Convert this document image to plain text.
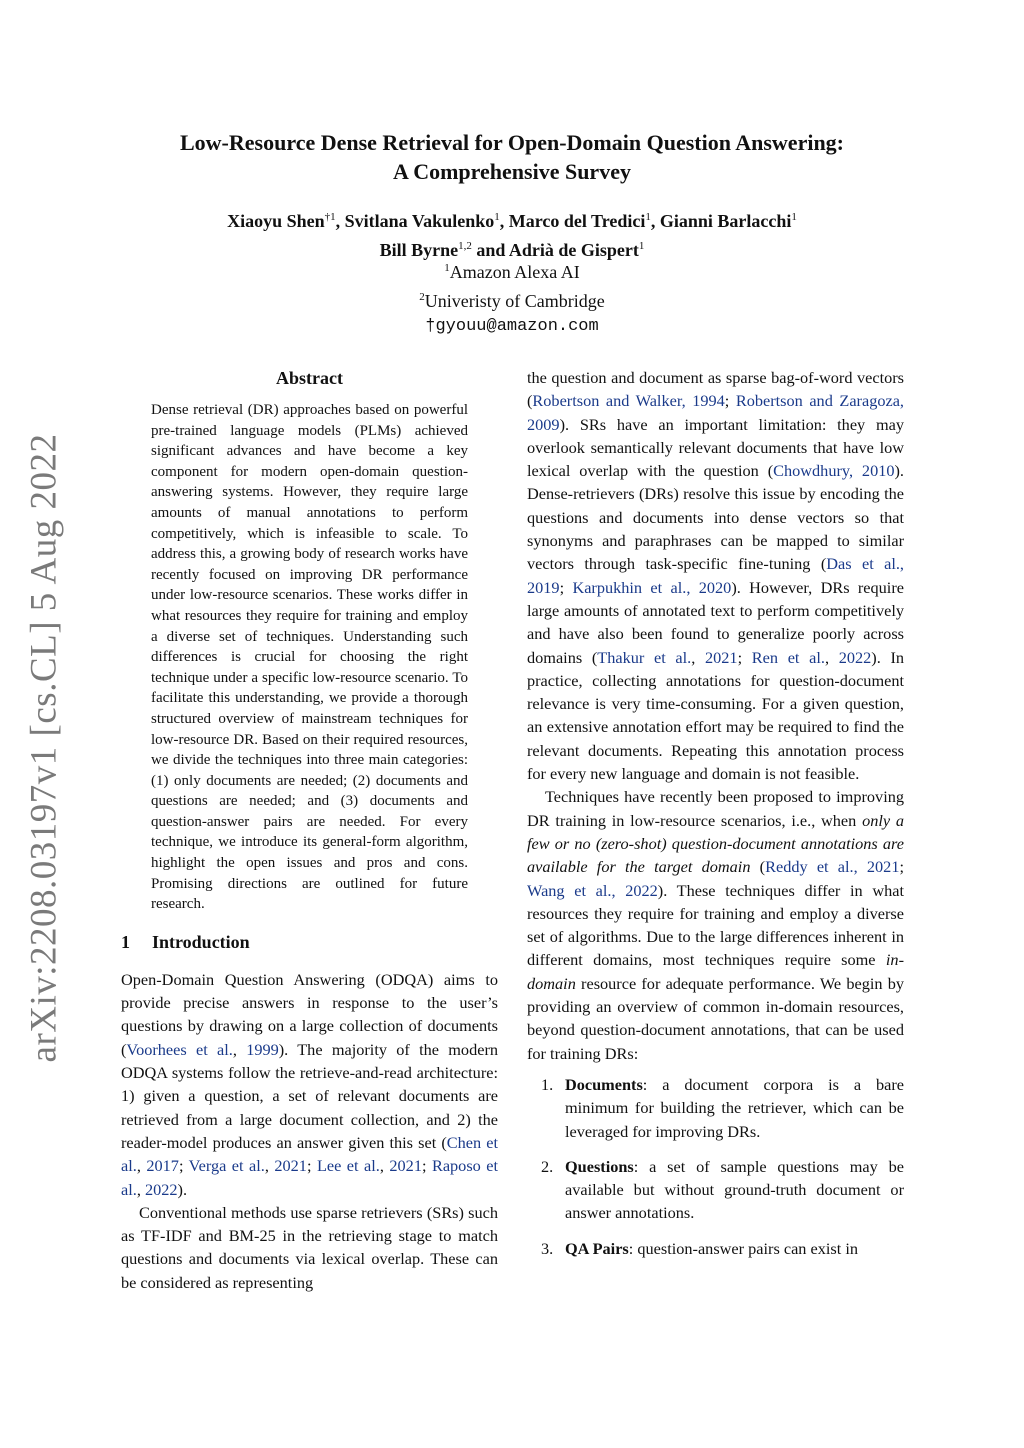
arXiv:2208.03197v1 [cs.CL] 5 Aug 2022
Low-Resource Dense Retrieval for Open-Domain Question Answering:
A Comprehensive Survey
Xiaoyu Shen$^{\dagger 1}$, Svitlana Vakulenko$^1$, Marco del Tredici$^1$, Gianni Barlacchi$^1$
Bill Byrne$^{1,2}$ and Adrià de Gispert$^1$
$^1$Amazon Alexa AI
$^2$Univeristy of Cambridge
†gyouu@amazon.com
Abstract
Dense retrieval (DR) approaches based on powerful pre-trained language models (PLMs) achieved significant advances and have become a key component for modern open-domain question-answering systems. However, they require large amounts of manual annotations to perform competitively, which is infeasible to scale. To address this, a growing body of research works have recently focused on improving DR performance under low-resource scenarios. These works differ in what resources they require for training and employ a diverse set of techniques. Understanding such differences is crucial for choosing the right technique under a specific low-resource scenario. To facilitate this understanding, we provide a thorough structured overview of mainstream techniques for low-resource DR. Based on their required resources, we divide the techniques into three main categories: (1) only documents are needed; (2) documents and questions are needed; and (3) documents and question-answer pairs are needed. For every technique, we introduce its general-form algorithm, highlight the open issues and pros and cons. Promising directions are outlined for future research.
1 Introduction

Open-Domain Question Answering (ODQA) aims to provide precise answers in response to the user’s questions by drawing on a large collection of documents (Voorhees et al., 1999). The majority of the modern ODQA systems follow the retrieve-and-read architecture: 1) given a question, a set of relevant documents are retrieved from a large document collection, and 2) the reader-model produces an answer given this set (Chen et al., 2017; Verga et al., 2021; Lee et al., 2021; Raposo et al., 2022).

Conventional methods use sparse retrievers (SRs) such as TF-IDF and BM-25 in the retrieving stage to match questions and documents via lexical overlap. These can be considered as representing

the question and document as sparse bag-of-word vectors (Robertson and Walker, 1994; Robertson and Zaragoza, 2009). SRs have an important limitation: they may overlook semantically relevant documents that have low lexical overlap with the question (Chowdhury, 2010). Dense-retrievers (DRs) resolve this issue by encoding the questions and documents into dense vectors so that synonyms and paraphrases can be mapped to similar vectors through task-specific fine-tuning (Das et al., 2019; Karpukhin et al., 2020). However, DRs require large amounts of annotated text to perform competitively and have also been found to generalize poorly across domains (Thakur et al., 2021; Ren et al., 2022). In practice, collecting annotations for question-document relevance is very time-consuming. For a given question, an extensive annotation effort may be required to find the relevant documents. Repeating this annotation process for every new language and domain is not feasible.

Techniques have recently been proposed to improving DR training in low-resource scenarios, i.e., when only a few or no (zero-shot) question-document annotations are available for the target domain (Reddy et al., 2021; Wang et al., 2022). These techniques differ in what resources they require for training and employ a diverse set of algorithms. Due to the large differences inherent in different domains, most techniques require some in-domain resource for adequate performance. We begin by providing an overview of common in-domain resources, beyond question-document annotations, that can be used for training DRs:

1. Documents: a document corpora is a bare minimum for building the retriever, which can be leveraged for improving DRs.
2. Questions: a set of sample questions may be available but without ground-truth document or answer annotations.
3. QA Pairs: question-answer pairs can exist in
